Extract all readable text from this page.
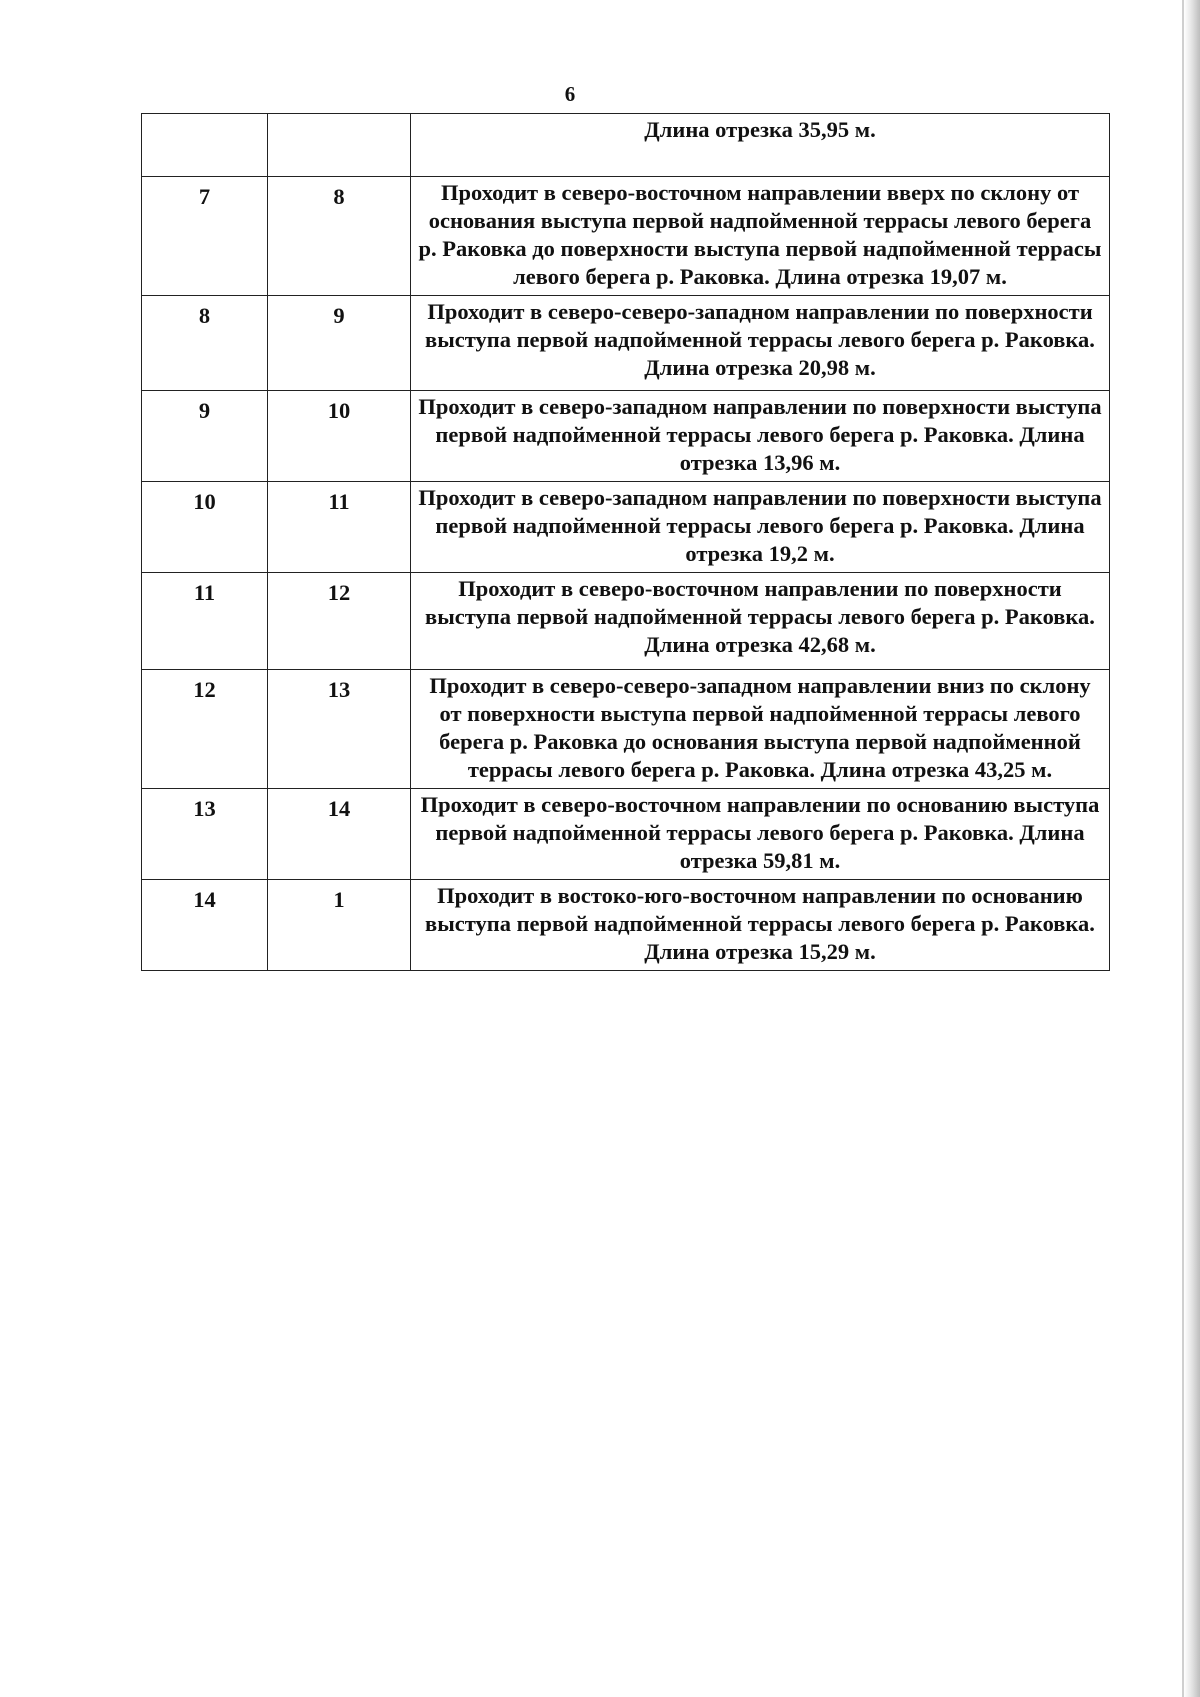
6
		Длина отрезка 35,95 м.
7	8	Проходит в северо-восточном направлении вверх по склону от основания выступа первой надпойменной террасы левого берега р. Раковка до поверхности выступа первой надпойменной террасы левого берега р. Раковка. Длина отрезка 19,07 м.
8	9	Проходит в северо-северо-западном направлении по поверхности выступа первой надпойменной террасы левого берега р. Раковка. Длина отрезка 20,98 м.
9	10	Проходит в северо-западном направлении по поверхности выступа первой надпойменной террасы левого берега р. Раковка. Длина отрезка 13,96 м.
10	11	Проходит в северо-западном направлении по поверхности выступа первой надпойменной террасы левого берега р. Раковка. Длина отрезка 19,2 м.
11	12	Проходит в северо-восточном направлении по поверхности выступа первой надпойменной террасы левого берега р. Раковка. Длина отрезка 42,68 м.
12	13	Проходит в северо-северо-западном направлении вниз по склону от поверхности выступа первой надпойменной террасы левого берега р. Раковка до основания выступа первой надпойменной террасы левого берега р. Раковка. Длина отрезка 43,25 м.
13	14	Проходит в северо-восточном направлении по основанию выступа первой надпойменной террасы левого берега р. Раковка. Длина отрезка 59,81 м.
14	1	Проходит в востоко-юго-восточном направлении по основанию выступа первой надпойменной террасы левого берега р. Раковка. Длина отрезка 15,29 м.
